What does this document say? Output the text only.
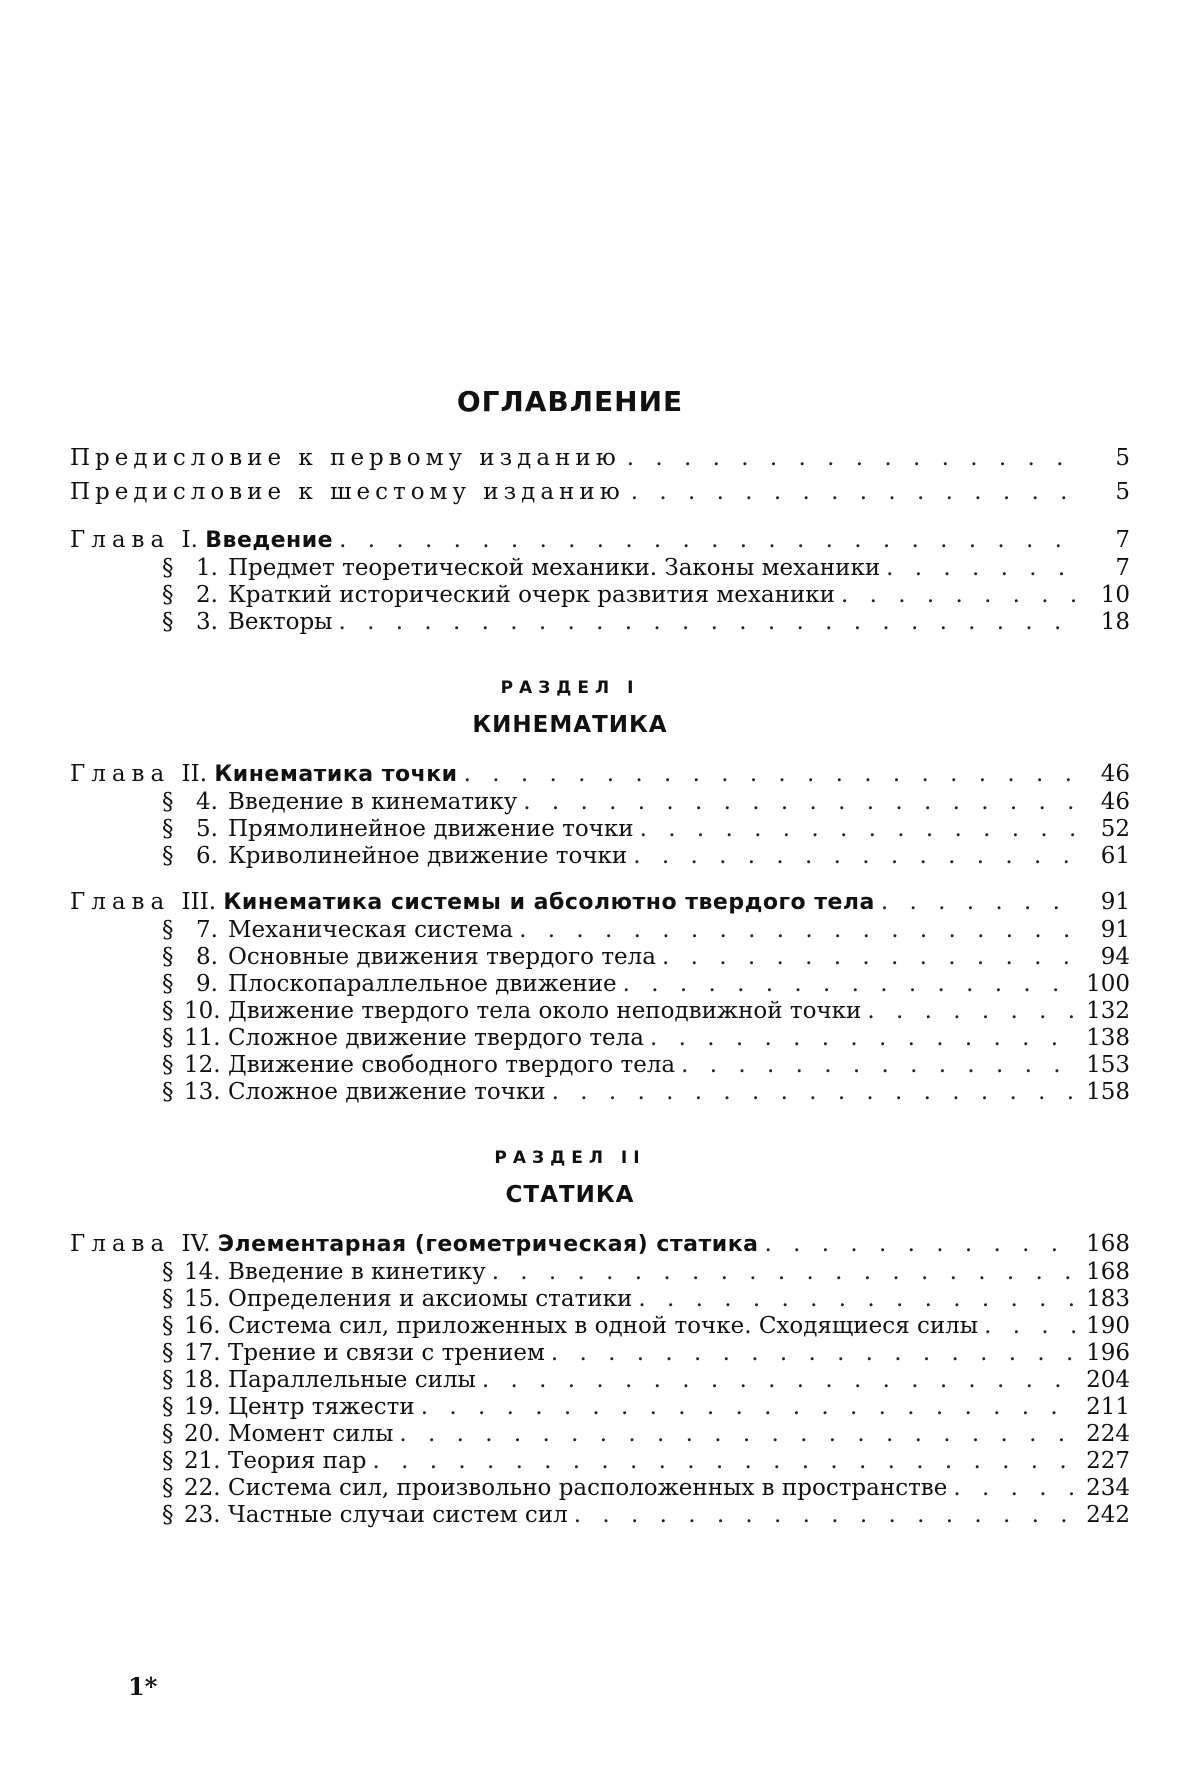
ОГЛАВЛЕНИЕ
Предисловие к первому изданию . . .	5
Предисловие к шестому изданию . . .	5
Глава I. Введение . . .	7
§ 1. Предмет теоретической механики. Законы механики . . .	7
§ 2. Краткий исторический очерк развития механики . . .	10
§ 3. Векторы . . .	18
РАЗДЕЛ I
КИНЕМАТИКА
Глава II. Кинематика точки . . .	46
§ 4. Введение в кинематику . . .	46
§ 5. Прямолинейное движение точки . . .	52
§ 6. Криволинейное движение точки . . .	61
Глава III. Кинематика системы и абсолютно твердого тела . . .	91
§ 7. Механическая система . . .	91
§ 8. Основные движения твердого тела . . .	94
§ 9. Плоскопараллельное движение . . .	100
§ 10. Движение твердого тела около неподвижной точки . . .	132
§ 11. Сложное движение твердого тела . . .	138
§ 12. Движение свободного твердого тела . . .	153
§ 13. Сложное движение точки . . .	158
РАЗДЕЛ II
СТАТИКА
Глава IV. Элементарная (геометрическая) статика . . .	168
§ 14. Введение в кинетику . . .	168
§ 15. Определения и аксиомы статики . . .	183
§ 16. Система сил, приложенных в одной точке. Сходящиеся силы . . .	190
§ 17. Трение и связи с трением . . .	196
§ 18. Параллельные силы . . .	204
§ 19. Центр тяжести . . .	211
§ 20. Момент силы . . .	224
§ 21. Теория пар . . .	227
§ 22. Система сил, произвольно расположенных в пространстве . . .	234
§ 23. Частные случаи систем сил . . .	242
1*
